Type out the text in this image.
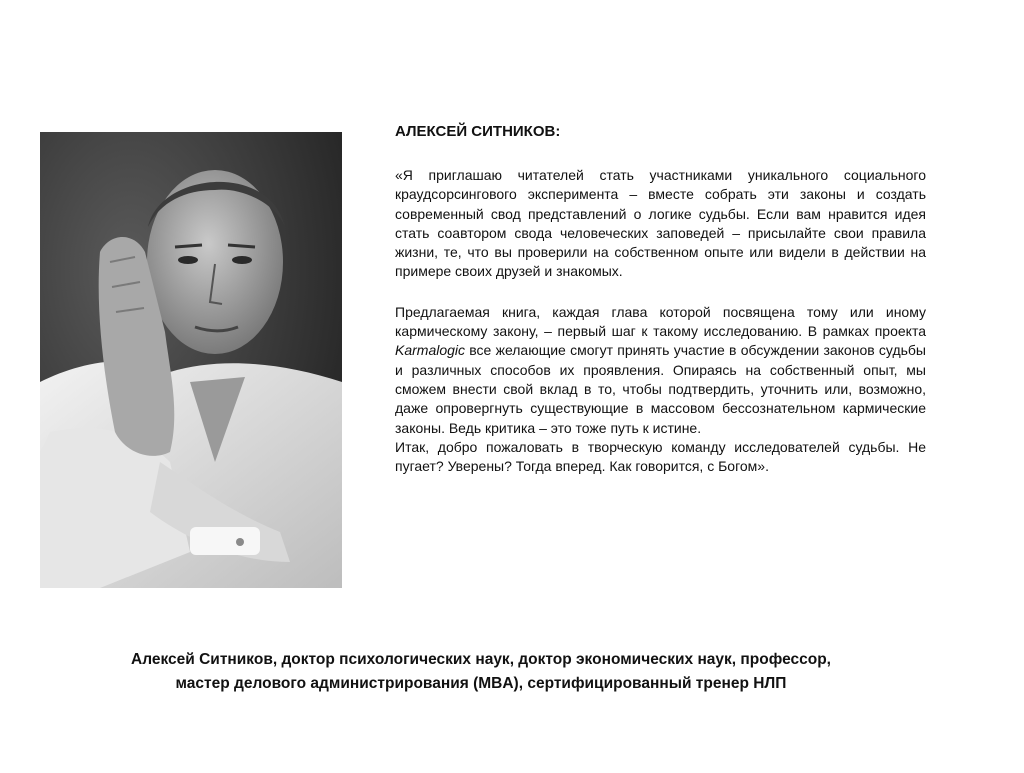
АЛЕКСЕЙ СИТНИКОВ:

«Я приглашаю читателей стать участниками уникального социального краудсорсингового эксперимента – вместе собрать эти законы и создать современный свод представлений о логике судьбы. Если вам нравится идея стать соавтором свода человеческих заповедей – присылайте свои правила жизни, те, что вы проверили на собственном опыте или видели в действии на примере своих друзей и знакомых.

Предлагаемая книга, каждая глава которой посвящена тому или иному кармическому закону, – первый шаг к такому исследованию. В рамках проекта Karmalogic все желающие смогут принять участие в обсуждении законов судьбы и различных способов их проявления. Опираясь на собственный опыт, мы сможем внести свой вклад в то, чтобы подтвердить, уточнить или, возможно, даже опровергнуть существующие в массовом бессознательном кармические законы. Ведь критика – это тоже путь к истине.

Итак, добро пожаловать в творческую команду исследователей судьбы. Не пугает? Уверены? Тогда вперед. Как говорится, с Богом».

Алексей Ситников, доктор психологических наук, доктор экономических наук, профессор,
мастер делового администрирования (MBA), сертифицированный тренер НЛП
